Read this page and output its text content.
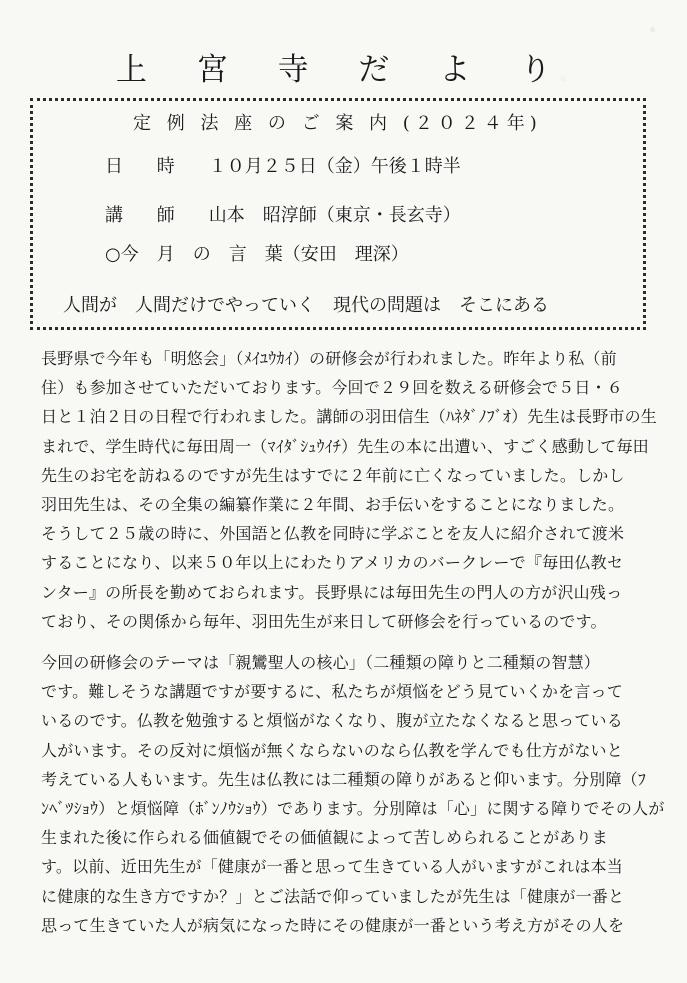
上 宮 寺 だ よ り
定 例 法 座 の ご 案 内 (２０２４年)
日 時 １０月２５日（金）午後１時半
講 師 山本　昭淳師（東京・長玄寺）
○今　月　の　言　葉（安田　理深）
人間が　人間だけでやっていく　現代の問題は　そこにある
長野県で今年も「明悠会」（ﾒｲﾕｳｶｲ）の研修会が行われました。昨年より私（前
住）も参加させていただいております。今回で２９回を数える研修会で５日・６
日と１泊２日の日程で行われました。講師の羽田信生（ﾊﾈﾀﾞﾉﾌﾞｵ）先生は長野市の生
まれで、学生時代に毎田周一（ﾏｲﾀﾞｼｭｳｲﾁ）先生の本に出遭い、すごく感動して毎田
先生のお宅を訪ねるのですが先生はすでに２年前に亡くなっていました。しかし
羽田先生は、その全集の編纂作業に２年間、お手伝いをすることになりました。
そうして２５歳の時に、外国語と仏教を同時に学ぶことを友人に紹介されて渡米
することになり、以来５０年以上にわたりアメリカのバークレーで『毎田仏教セ
ンター』の所長を勤めておられます。長野県には毎田先生の門人の方が沢山残っ
ており、その関係から毎年、羽田先生が来日して研修会を行っているのです。
今回の研修会のテーマは「親鸞聖人の核心」（二種類の障りと二種類の智慧）
です。難しそうな講題ですが要するに、私たちが煩悩をどう見ていくかを言って
いるのです。仏教を勉強すると煩悩がなくなり、腹が立たなくなると思っている
人がいます。その反対に煩悩が無くならないのなら仏教を学んでも仕方がないと
考えている人もいます。先生は仏教には二種類の障りがあると仰います。分別障（ﾌ
ﾝﾍﾞﾂｼｮｳ）と煩悩障（ﾎﾞﾝﾉｳｼｮｳ）であります。分別障は「心」に関する障りでその人が
生まれた後に作られる価値観でその価値観によって苦しめられることがありま
す。以前、近田先生が「健康が一番と思って生きている人がいますがこれは本当
に健康的な生き方ですか？」とご法話で仰っていましたが先生は「健康が一番と
思って生きていた人が病気になった時にその健康が一番という考え方がその人を
